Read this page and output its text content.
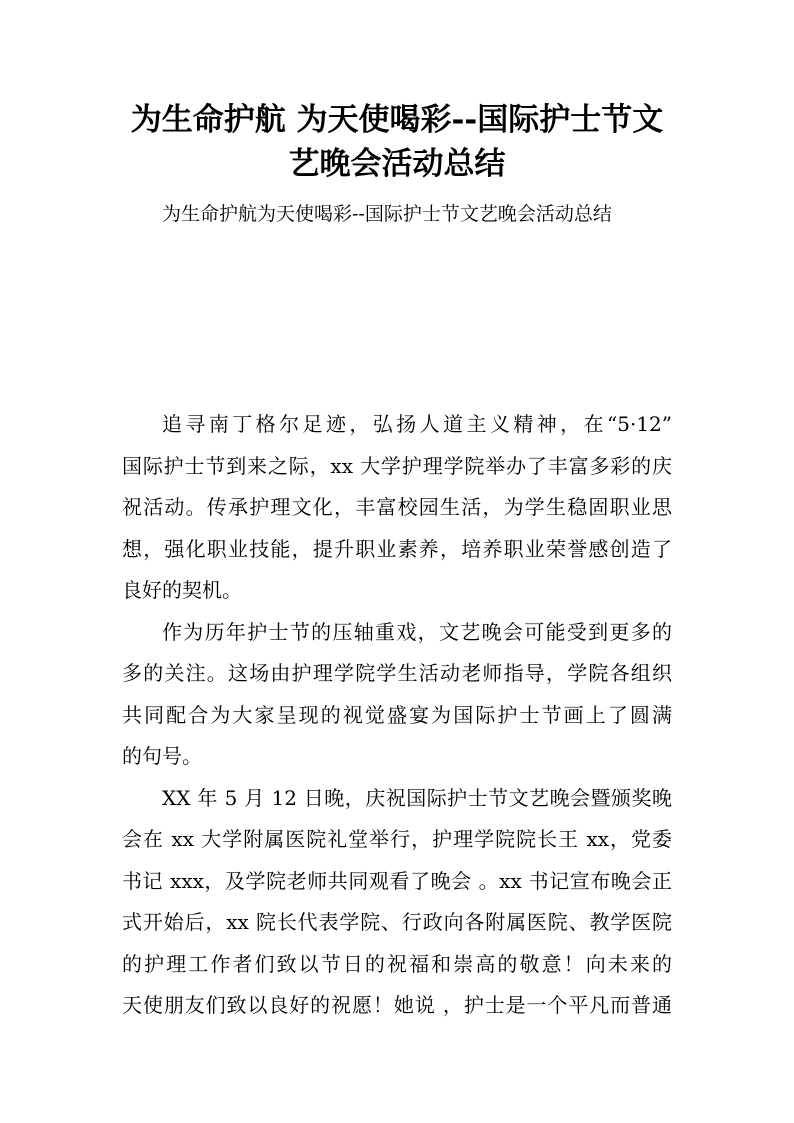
为生命护航 为天使喝彩--国际护士节文
艺晚会活动总结

为生命护航为天使喝彩--国际护士节文艺晚会活动总结

追寻南丁格尔足迹，弘扬人道主义精神，在“5·12”

国际护士节到来之际，xx 大学护理学院举办了丰富多彩的庆

祝活动。传承护理文化，丰富校园生活，为学生稳固职业思

想，强化职业技能，提升职业素养，培养职业荣誉感创造了

良好的契机。

作为历年护士节的压轴重戏，文艺晚会可能受到更多的

多的关注。这场由护理学院学生活动老师指导，学院各组织

共同配合为大家呈现的视觉盛宴为国际护士节画上了圆满

的句号。

XX 年 5 月 12 日晚，庆祝国际护士节文艺晚会暨颁奖晚

会在 xx 大学附属医院礼堂举行，护理学院院长王 xx，党委

书记 xxx，及学院老师共同观看了晚会 。xx 书记宣布晚会正

式开始后，xx 院长代表学院、行政向各附属医院、教学医院

的护理工作者们致以节日的祝福和崇高的敬意！向未来的

天使朋友们致以良好的祝愿！她说 ，护士是一个平凡而普通
